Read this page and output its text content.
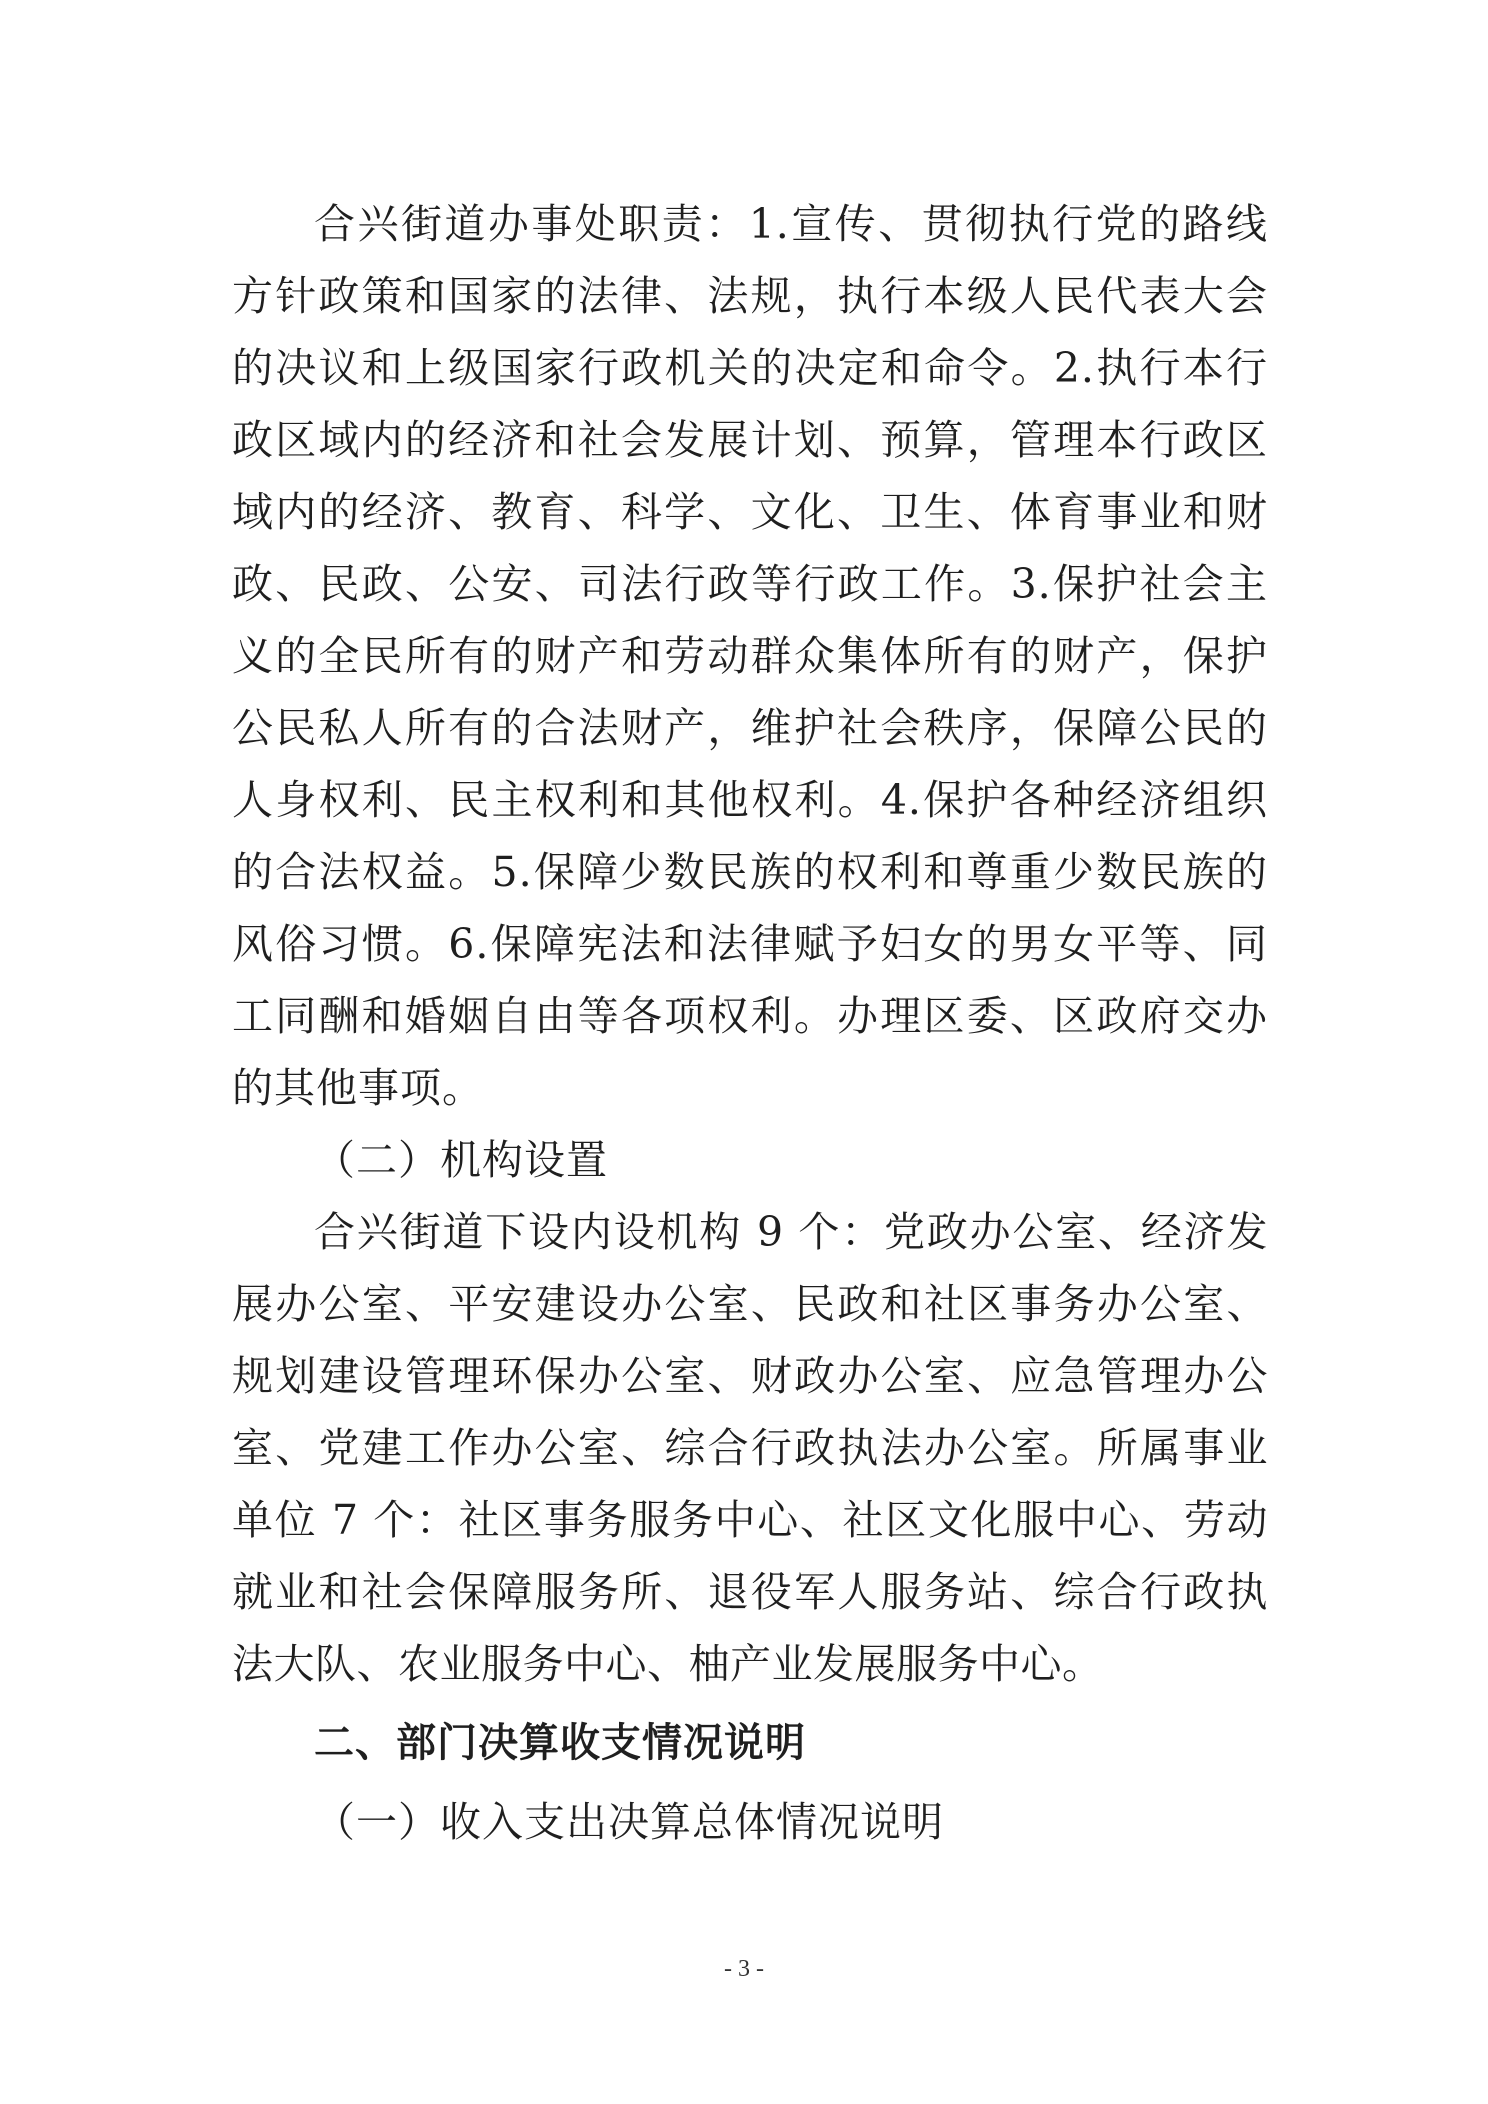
合兴街道办事处职责：1.宣传、贯彻执行党的路线方针政策和国家的法律、法规，执行本级人民代表大会的决议和上级国家行政机关的决定和命令。2.执行本行政区域内的经济和社会发展计划、预算，管理本行政区域内的经济、教育、科学、文化、卫生、体育事业和财政、民政、公安、司法行政等行政工作。3.保护社会主义的全民所有的财产和劳动群众集体所有的财产，保护公民私人所有的合法财产，维护社会秩序，保障公民的人身权利、民主权利和其他权利。4.保护各种经济组织的合法权益。5.保障少数民族的权利和尊重少数民族的风俗习惯。6.保障宪法和法律赋予妇女的男女平等、同工同酬和婚姻自由等各项权利。办理区委、区政府交办的其他事项。

（二）机构设置

合兴街道下设内设机构 9 个：党政办公室、经济发展办公室、平安建设办公室、民政和社区事务办公室、规划建设管理环保办公室、财政办公室、应急管理办公室、党建工作办公室、综合行政执法办公室。所属事业单位 7 个：社区事务服务中心、社区文化服中心、劳动就业和社会保障服务所、退役军人服务站、综合行政执法大队、农业服务中心、柚产业发展服务中心。

二、部门决算收支情况说明

（一）收入支出决算总体情况说明

- 3 -
